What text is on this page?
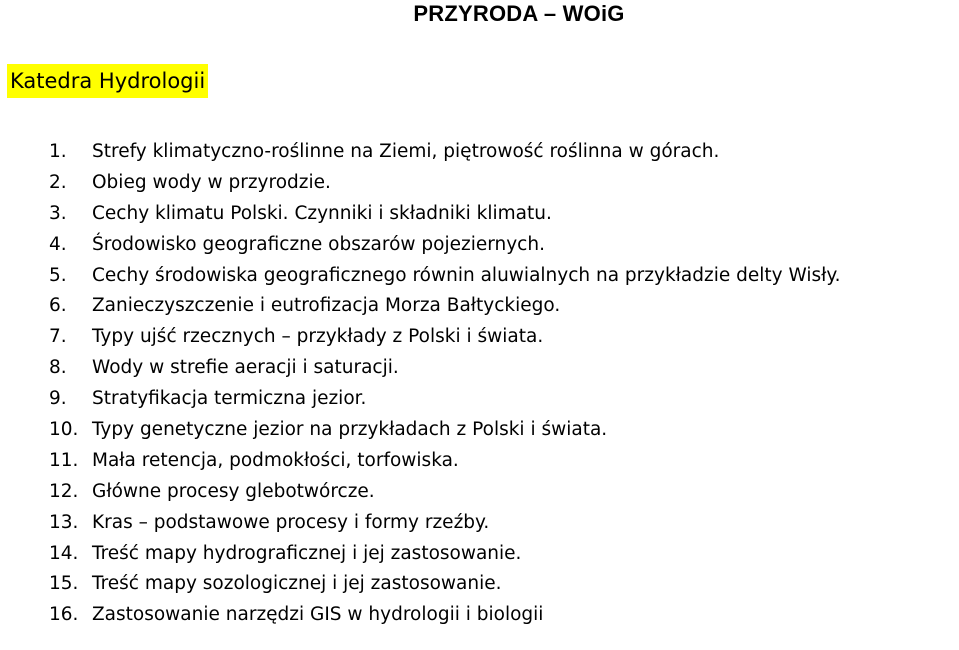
PRZYRODA – WOiG
Katedra Hydrologii
1.	Strefy klimatyczno-roślinne na Ziemi, piętrowość roślinna w górach.
2.	Obieg wody w przyrodzie.
3.	Cechy klimatu Polski. Czynniki i składniki klimatu.
4.	Środowisko geograficzne obszarów pojeziernych.
5.	Cechy środowiska geograficznego równin aluwialnych na przykładzie delty Wisły.
6.	Zanieczyszczenie i eutrofizacja Morza Bałtyckiego.
7.	Typy ujść rzecznych – przykłady z Polski i świata.
8.	Wody w strefie aeracji i saturacji.
9.	Stratyfikacja termiczna jezior.
10. Typy genetyczne jezior na przykładach z Polski i świata.
11. Mała retencja, podmokłości, torfowiska.
12. Główne procesy glebotwórcze.
13. Kras – podstawowe procesy i formy rzeźby.
14. Treść mapy hydrograficznej i jej zastosowanie.
15. Treść mapy sozologicznej i jej zastosowanie.
16. Zastosowanie narzędzi GIS w hydrologii i biologii
